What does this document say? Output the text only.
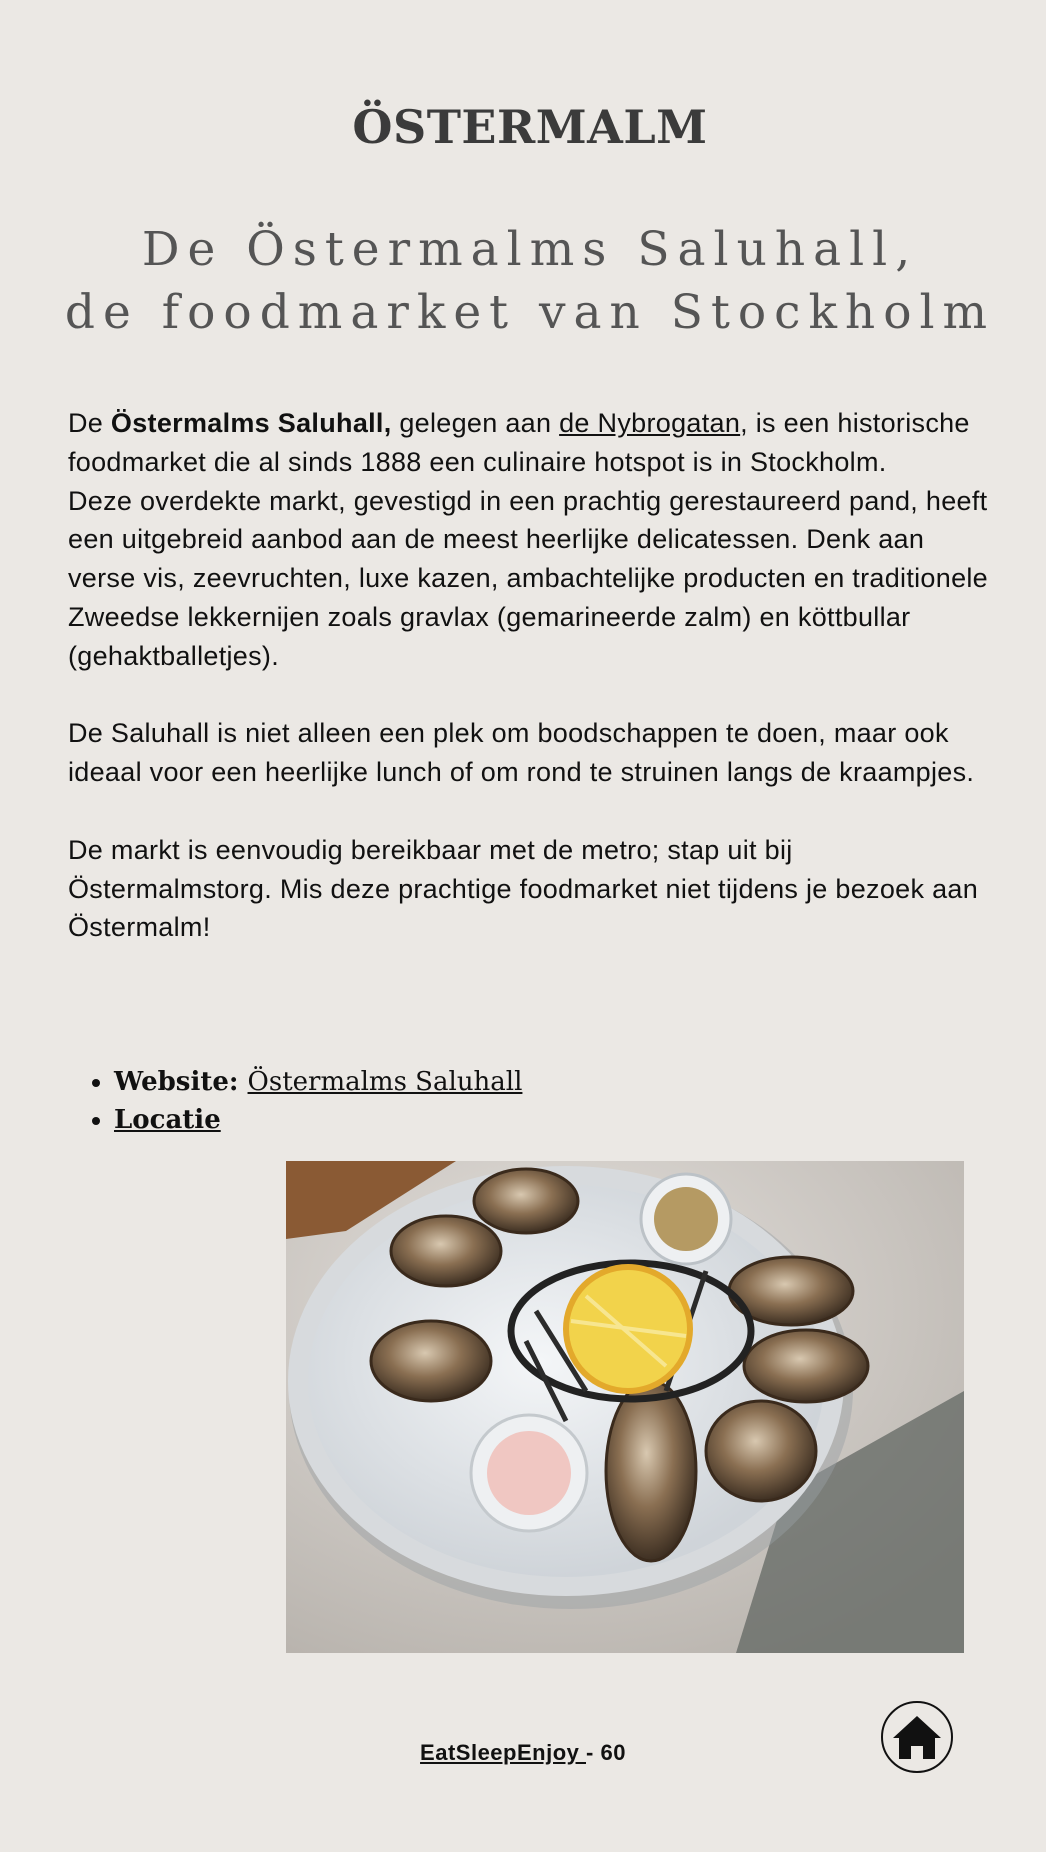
ÖSTERMALM
De Östermalms Saluhall,
de foodmarket van Stockholm

De Östermalms Saluhall, gelegen aan de Nybrogatan, is een historische foodmarket die al sinds 1888 een culinaire hotspot is in Stockholm.
Deze overdekte markt, gevestigd in een prachtig gerestaureerd pand, heeft een uitgebreid aanbod aan de meest heerlijke delicatessen. Denk aan verse vis, zeevruchten, luxe kazen, ambachtelijke producten en traditionele Zweedse lekkernijen zoals gravlax (gemarineerde zalm) en köttbullar (gehaktballetjes).

De Saluhall is niet alleen een plek om boodschappen te doen, maar ook ideaal voor een heerlijke lunch of om rond te struinen langs de kraampjes.

De markt is eenvoudig bereikbaar met de metro; stap uit bij Östermalmstorg. Mis deze prachtige foodmarket niet tijdens je bezoek aan Östermalm!

• Website: Östermalms Saluhall
• Locatie
EatSleepEnjoy - 60
